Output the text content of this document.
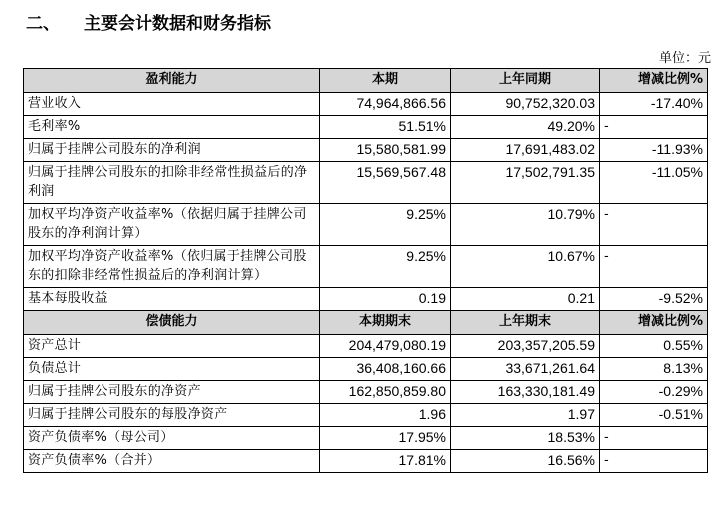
二、 主要会计数据和财务指标
单位：元
盈利能力	本期	上年同期	增减比例%
营业收入	74,964,866.56	90,752,320.03	-17.40%
毛利率%	51.51%	49.20%	-
归属于挂牌公司股东的净利润	15,580,581.99	17,691,483.02	-11.93%
归属于挂牌公司股东的扣除非经常性损益后的净利润	15,569,567.48	17,502,791.35	-11.05%
加权平均净资产收益率%（依据归属于挂牌公司股东的净利润计算）	9.25%	10.79%	-
加权平均净资产收益率%（依归属于挂牌公司股东的扣除非经常性损益后的净利润计算）	9.25%	10.67%	-
基本每股收益	0.19	0.21	-9.52%
偿债能力	本期期末	上年期末	增减比例%
资产总计	204,479,080.19	203,357,205.59	0.55%
负债总计	36,408,160.66	33,671,261.64	8.13%
归属于挂牌公司股东的净资产	162,850,859.80	163,330,181.49	-0.29%
归属于挂牌公司股东的每股净资产	1.96	1.97	-0.51%
资产负债率%（母公司）	17.95%	18.53%	-
资产负债率%（合并）	17.81%	16.56%	-
